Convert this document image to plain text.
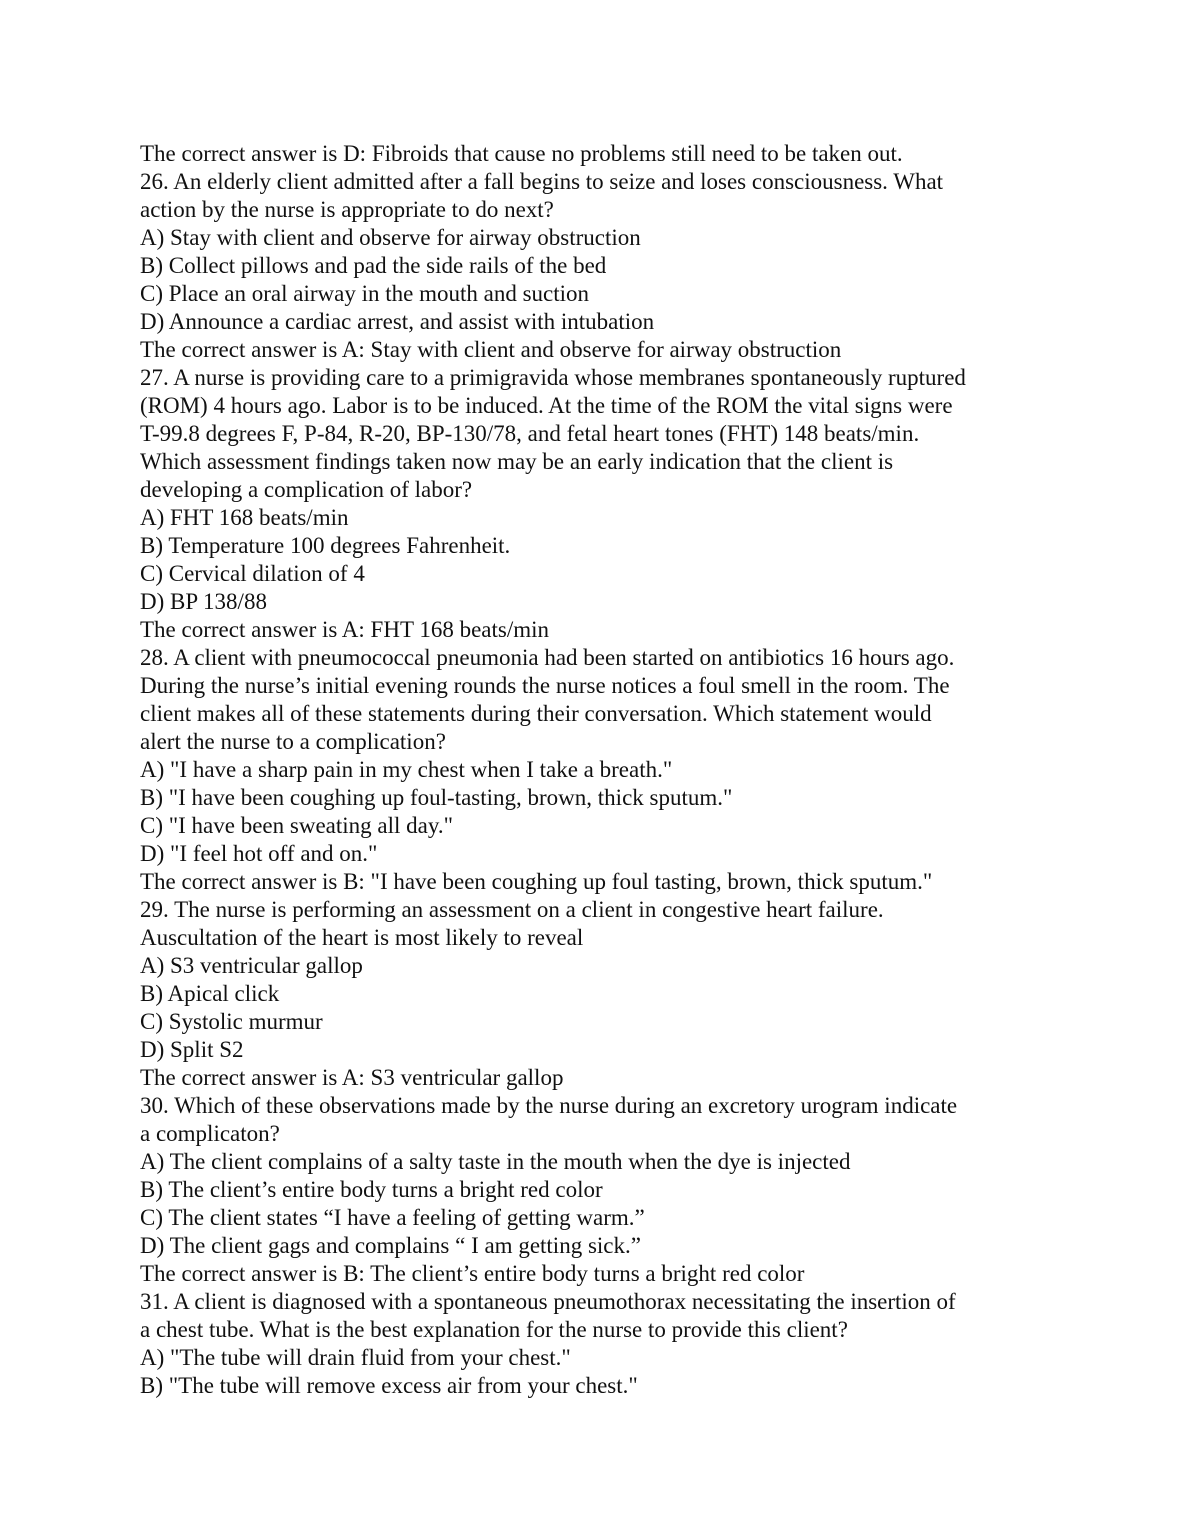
The correct answer is D: Fibroids that cause no problems still need to be taken out.
26. An elderly client admitted after a fall begins to seize and loses consciousness. What
action by the nurse is appropriate to do next?
A) Stay with client and observe for airway obstruction
B) Collect pillows and pad the side rails of the bed
C) Place an oral airway in the mouth and suction
D) Announce a cardiac arrest, and assist with intubation
The correct answer is A: Stay with client and observe for airway obstruction
27. A nurse is providing care to a primigravida whose membranes spontaneously ruptured
(ROM) 4 hours ago. Labor is to be induced. At the time of the ROM the vital signs were
T-99.8 degrees F, P-84, R-20, BP-130/78, and fetal heart tones (FHT) 148 beats/min.
Which assessment findings taken now may be an early indication that the client is
developing a complication of labor?
A) FHT 168 beats/min
B) Temperature 100 degrees Fahrenheit.
C) Cervical dilation of 4
D) BP 138/88
The correct answer is A: FHT 168 beats/min
28. A client with pneumococcal pneumonia had been started on antibiotics 16 hours ago.
During the nurse’s initial evening rounds the nurse notices a foul smell in the room. The
client makes all of these statements during their conversation. Which statement would
alert the nurse to a complication?
A) "I have a sharp pain in my chest when I take a breath."
B) "I have been coughing up foul-tasting, brown, thick sputum."
C) "I have been sweating all day."
D) "I feel hot off and on."
The correct answer is B: "I have been coughing up foul tasting, brown, thick sputum."
29. The nurse is performing an assessment on a client in congestive heart failure.
Auscultation of the heart is most likely to reveal
A) S3 ventricular gallop
B) Apical click
C) Systolic murmur
D) Split S2
The correct answer is A: S3 ventricular gallop
30. Which of these observations made by the nurse during an excretory urogram indicate
a complicaton?
A) The client complains of a salty taste in the mouth when the dye is injected
B) The client’s entire body turns a bright red color
C) The client states “I have a feeling of getting warm.”
D) The client gags and complains “ I am getting sick.”
The correct answer is B: The client’s entire body turns a bright red color
31. A client is diagnosed with a spontaneous pneumothorax necessitating the insertion of
a chest tube. What is the best explanation for the nurse to provide this client?
A) "The tube will drain fluid from your chest."
B) "The tube will remove excess air from your chest."
